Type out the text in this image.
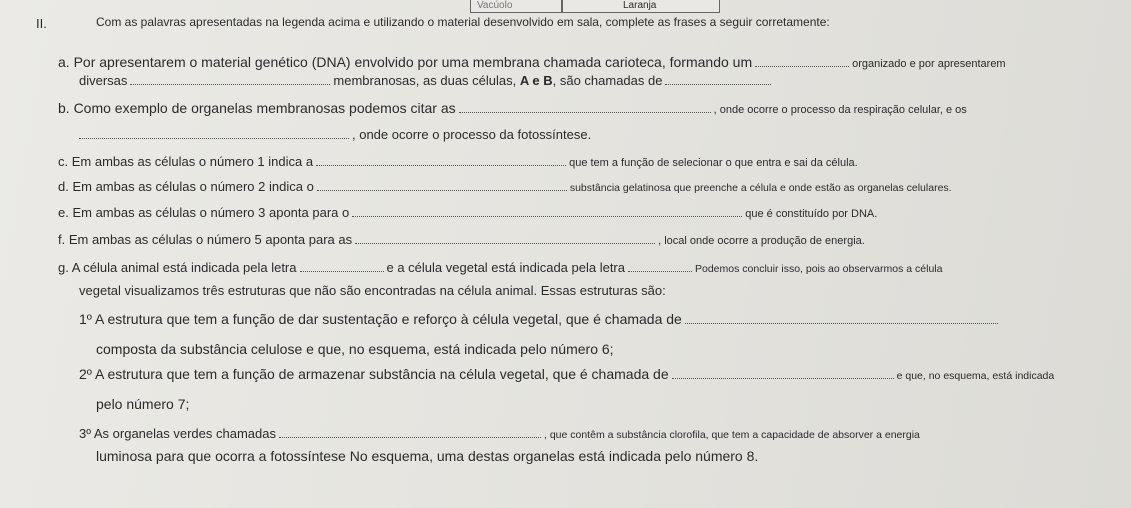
Vacúolo	Laranja
II.	Com as palavras apresentadas na legenda acima e utilizando o material desenvolvido em sala, complete as frases a seguir corretamente:
a. Por apresentarem o material genético (DNA) envolvido por uma membrana chamada carioteca, formando um	organizado e por apresentarem
diversas	membranosas, as duas células, A e B, são chamadas de
b. Como exemplo de organelas membranosas podemos citar as	, onde ocorre o processo da respiração celular, e os
, onde ocorre o processo da fotossíntese.
c. Em ambas as células o número 1 indica a	que tem a função de selecionar o que entra e sai da célula.
d. Em ambas as células o número 2 indica o	substância gelatinosa que preenche a célula e onde estão as organelas celulares.
e. Em ambas as células o número 3 aponta para o	que é constituído por DNA.
f. Em ambas as células o número 5 aponta para as	, local onde ocorre a produção de energia.
g. A célula animal está indicada pela letra	e a célula vegetal está indicada pela letra	Podemos concluir isso, pois ao observarmos a célula
vegetal visualizamos três estruturas que não são encontradas na célula animal. Essas estruturas são:
1º A estrutura que tem a função de dar sustentação e reforço à célula vegetal, que é chamada de
composta da substância celulose e que, no esquema, está indicada pelo número 6;
2º A estrutura que tem a função de armazenar substância na célula vegetal, que é chamada de	e que, no esquema, está indicada
pelo número 7;
3º As organelas verdes chamadas	, que contêm a substância clorofila, que tem a capacidade de absorver a energia
luminosa para que ocorra a fotossíntese No esquema, uma destas organelas está indicada pelo número 8.
